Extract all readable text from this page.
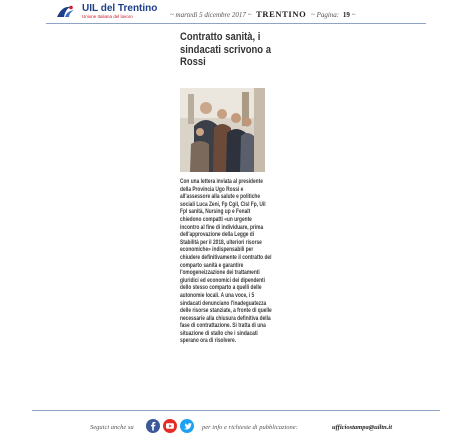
UIL del Trentino
Unione Italiana del lavoro	~ martedì 5 dicembre 2017 ~ TRENTINO ~ Pagina: 19 ~
Contratto sanità, i sindacati scrivono a Rossi

Con una lettera inviata al presidente della Provincia Ugo Rossi e all'assessore alla salute e politiche sociali Luca Zeni, Fp Cgil, Cisl Fp, Uil Fpl sanità, Nursing up e Fenalt chiedono compatti «un urgente incontro al fine di individuare, prima dell'approvazione della Legge di Stabilità per il 2018, ulteriori risorse economiche» indispensabili per chiudere definitivamente il contratto del comparto sanità e garantire l'omogeneizzazione dei trattamenti giuridici ed economici dei dipendenti dello stesso comparto a quelli delle autonomie locali. A una voce, i 5 sindacati denunciano l'inadeguatezza delle risorse stanziate, a fronte di quelle necessarie alla chiusura definitiva della fase di contrattazione. Si tratta di una situazione di stallo che i sindacati sperano ora di risolvere.

Seguici anche su	per info e richieste di pubblicazione:	ufficiostampa@uiltn.it
